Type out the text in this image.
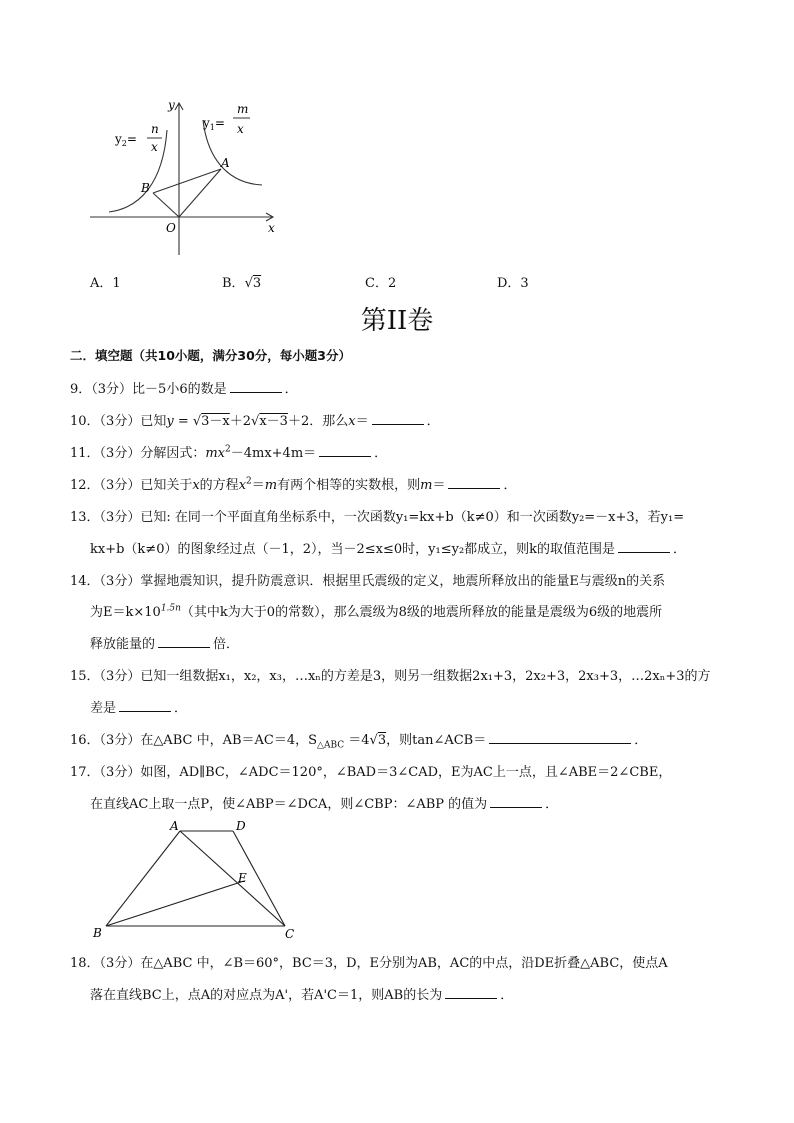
y
x
O
A
B
$y_2=$
n
x
$y_1=$
m
x
A．1	B．√3	C．2	D．3
第II卷
二．填空题（共10小题，满分30分，每小题3分）
9．（3分）比－5小6的数是	．
10．（3分）已知y = √3－x＋2√x－3＋2．那么x＝	．
11．（3分）分解因式：$mx^2-4mx+4m=$	．
12．（3分）已知关于x的方程$x^2=m$有两个相等的实数根，则m＝	．
13．（3分）已知: 在同一个平面直角坐标系中，一次函数y₁=kx+b（k≠0）和一次函数y₂=－x+3，若y₁=
kx+b（k≠0）的图象经过点（－1，2），当－2≤x≤0时，y₁≤y₂都成立，则k的取值范围是	．
14．（3分）掌握地震知识，提升防震意识．根据里氏震级的定义，地震所释放出的能量E与震级n的关系
为$E=k\times 10^{1.5n}$（其中k为大于0的常数），那么震级为8级的地震所释放的能量是震级为6级的地震所
释放能量的	倍．
15．（3分）已知一组数据x₁，x₂，x₃，…xₙ的方差是3，则另一组数据2x₁+3，2x₂+3，2x₃+3，…2xₙ+3的方
差是	．
16．（3分）在△ABC 中，AB＝AC＝4，$S_{\triangle ABC} =4√3$，则tan∠ACB＝	．
17．（3分）如图，AD∥BC，∠ADC＝120°，∠BAD＝3∠CAD，E为AC上一点，且∠ABE＝2∠CBE，
在直线AC上取一点P，使∠ABP＝∠DCA，则∠CBP：∠ABP 的值为	．
A	D
E
B	C
18．（3分）在△ABC 中，∠B＝60°，BC＝3，D，E分别为AB，AC的中点，沿DE折叠△ABC，使点A
落在直线BC上，点A的对应点为A'，若A'C＝1，则AB的长为	．
